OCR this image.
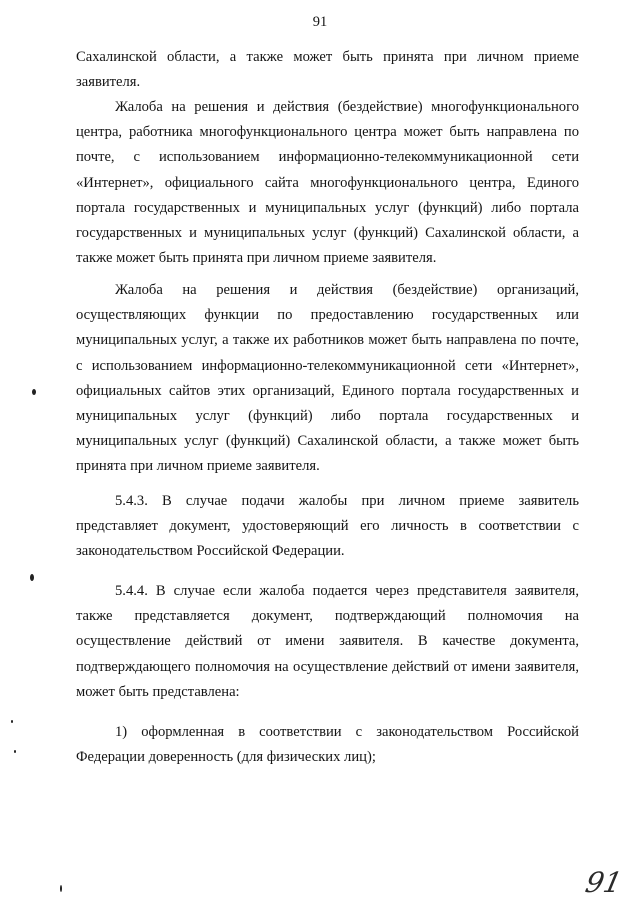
91

Сахалинской области, а также может быть принята при личном приеме заявителя.

Жалоба на решения и действия (бездействие) многофункционального центра, работника многофункционального центра может быть направлена по почте, с использованием информационно-телекоммуникационной сети «Интернет», официального сайта многофункционального центра, Единого портала государственных и муниципальных услуг (функций) либо портала государственных и муниципальных услуг (функций) Сахалинской области, а также может быть принята при личном приеме заявителя.

Жалоба на решения и действия (бездействие) организаций, осуществляющих функции по предоставлению государственных или муниципальных услуг, а также их работников может быть направлена по почте, с использованием информационно-телекоммуникационной сети «Интернет», официальных сайтов этих организаций, Единого портала государственных и муниципальных услуг (функций) либо портала государственных и муниципальных услуг (функций) Сахалинской области, а также может быть принята при личном приеме заявителя.

5.4.3. В случае подачи жалобы при личном приеме заявитель представляет документ, удостоверяющий его личность в соответствии с законодательством Российской Федерации.

5.4.4. В случае если жалоба подается через представителя заявителя, также представляется документ, подтверждающий полномочия на осуществление действий от имени заявителя. В качестве документа, подтверждающего полномочия на осуществление действий от имени заявителя, может быть представлена:

1) оформленная в соответствии с законодательством Российской Федерации доверенность (для физических лиц);

91
